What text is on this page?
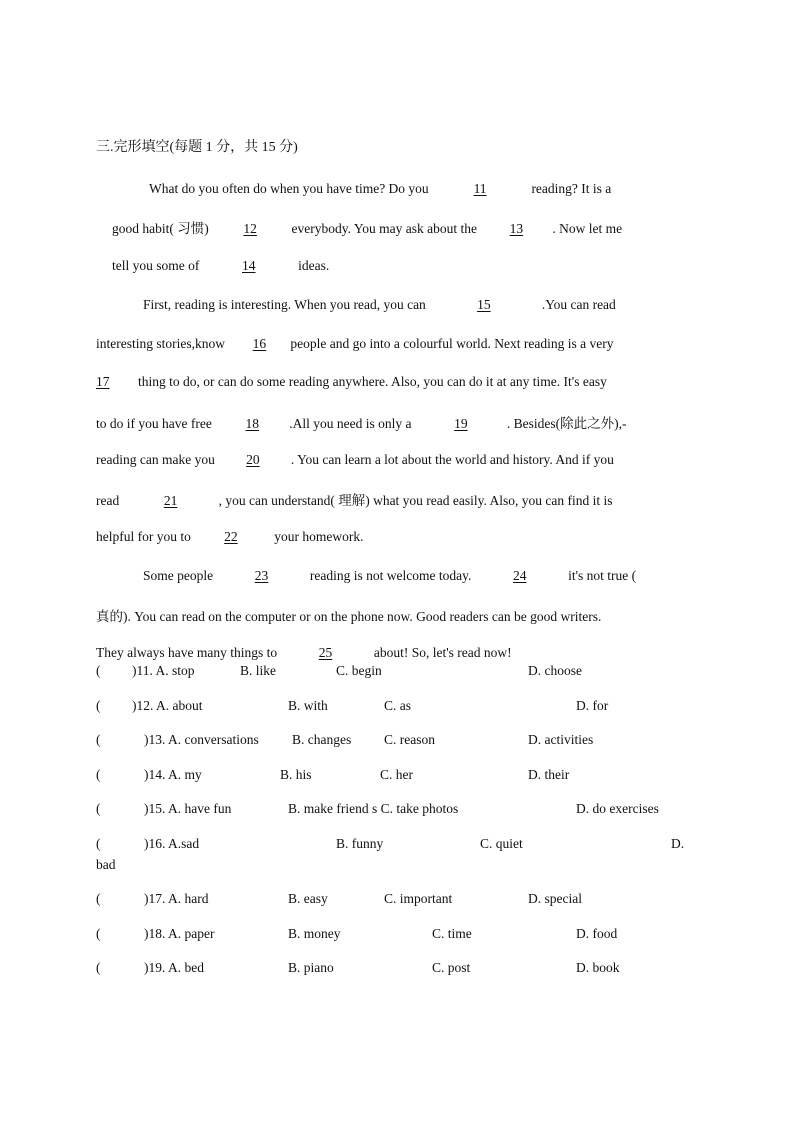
三.完形填空(每题 1 分，共 15 分)
What do you often do when you have time? Do you	11	reading? It is a
good habit( 习惯) 12 everybody. You may ask about the 13 . Now let me
tell you some of	14	ideas.
First, reading is interesting. When you read, you can	15	.You can read
interesting stories,know 16 people and go into a colourful world. Next reading is a very
17 thing to do, or can do some reading anywhere. Also, you can do it at any time. It's easy
to do if you have free 18 .All you need is only a	19	. Besides(除此之外),-
reading can make you 20 . You can learn a lot about the world and history. And if you
read	21	, you can understand( 理解) what you read easily. Also, you can find it is
helpful for you to 22 your homework.
Some people	23	reading is not welcome today.	24	it's not true (
真的). You can read on the computer or on the phone now. Good readers can be good writers.
They always have many things to	25	about! So, let's read now!
( )11. A. stop	B. like	C. begin	D. choose
( )12. A. about	B. with	C. as	D. for
(	)13. A. conversations B. changes C. reason	D. activities
(	)14. A. my	B. his	C. her	D. their
(	)15. A. have fun	B. make friend s C. take photos	D. do exercises
(	)16. A.sad	B. funny	C. quiet	D.
bad
(	)17. A. hard	B. easy	C. important	D. special
(	)18. A. paper	B. money	C. time	D. food
(	)19. A. bed	B. piano	C. post	D. book
